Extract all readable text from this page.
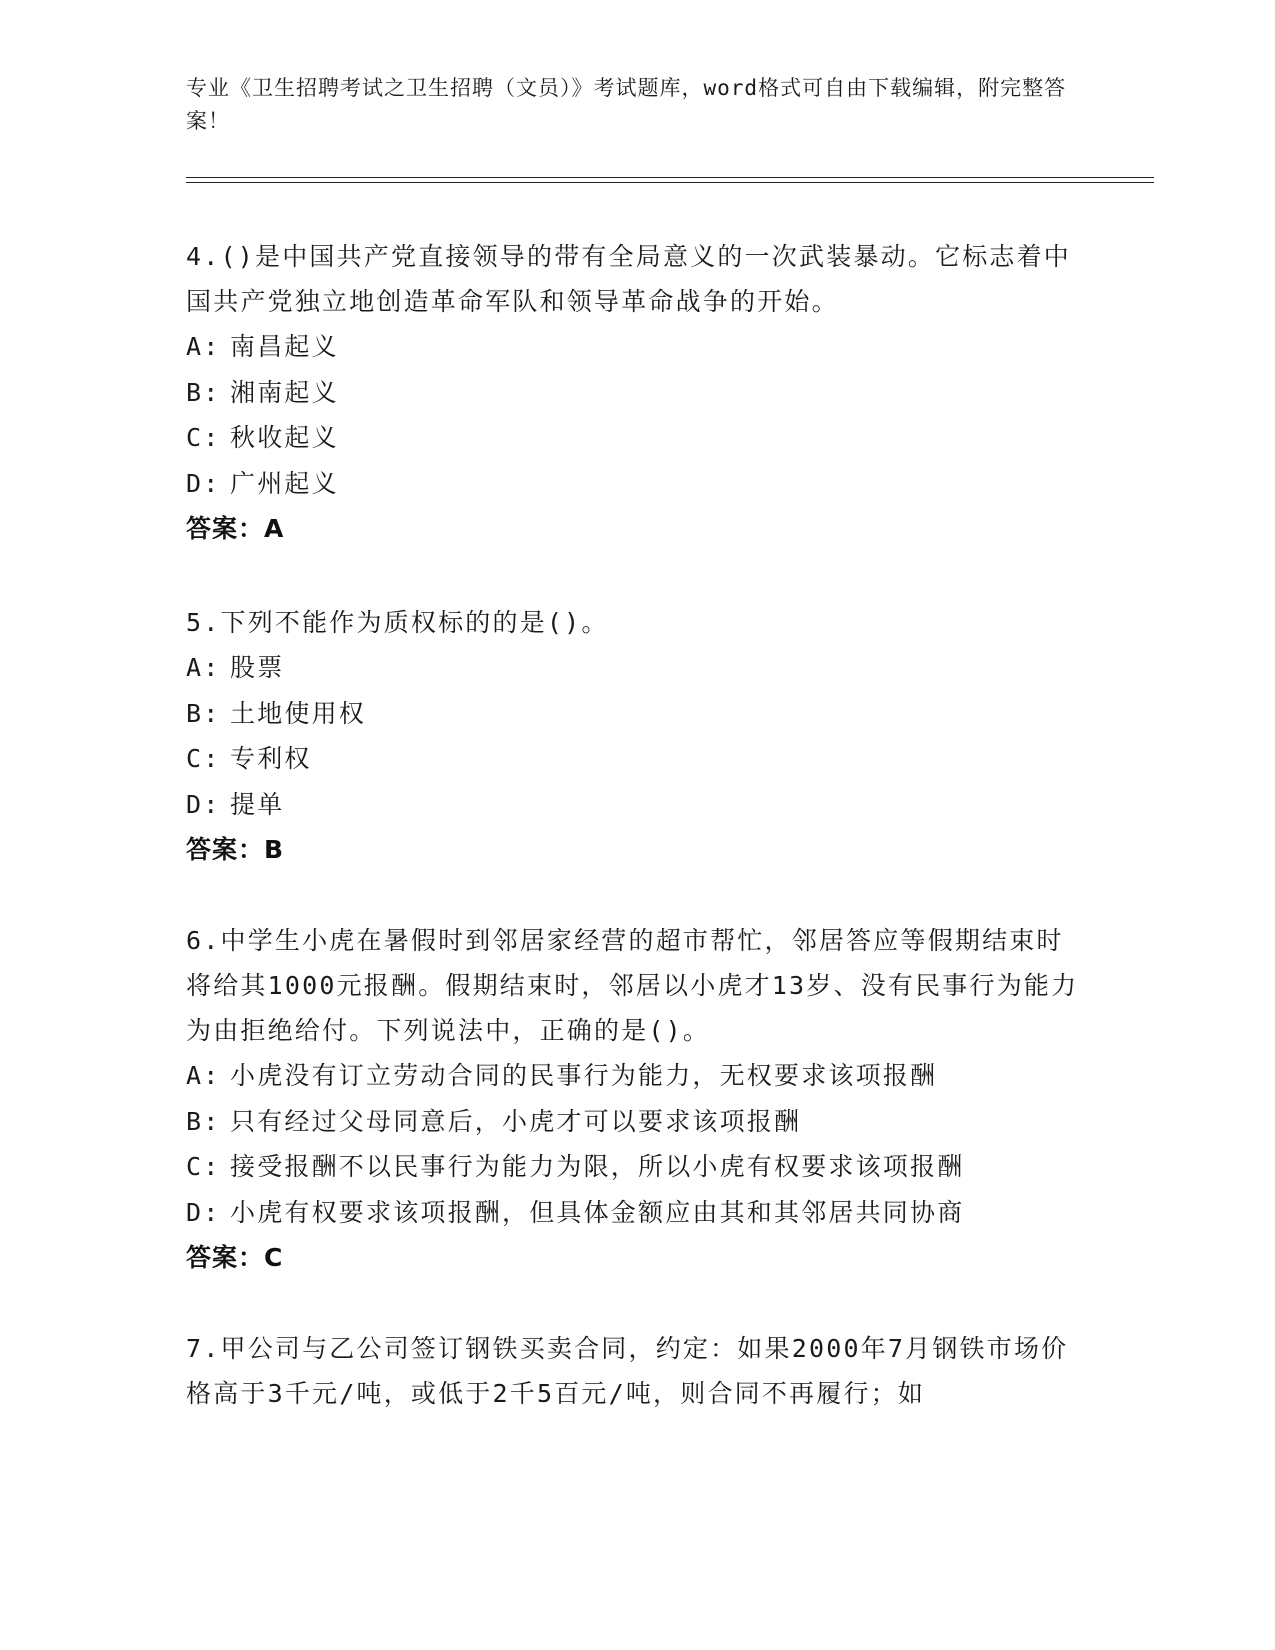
专业《卫生招聘考试之卫生招聘（文员）》考试题库，word格式可自由下载编辑，附完整答案！
4.()是中国共产党直接领导的带有全局意义的一次武装暴动。它标志着中国共产党独立地创造革命军队和领导革命战争的开始。
A: 南昌起义
B: 湘南起义
C: 秋收起义
D: 广州起义
答案：A
5.下列不能作为质权标的的是()。
A: 股票
B: 土地使用权
C: 专利权
D: 提单
答案：B
6.中学生小虎在暑假时到邻居家经营的超市帮忙，邻居答应等假期结束时将给其1000元报酬。假期结束时，邻居以小虎才13岁、没有民事行为能力为由拒绝给付。下列说法中，正确的是()。
A: 小虎没有订立劳动合同的民事行为能力，无权要求该项报酬
B: 只有经过父母同意后，小虎才可以要求该项报酬
C: 接受报酬不以民事行为能力为限，所以小虎有权要求该项报酬
D: 小虎有权要求该项报酬，但具体金额应由其和其邻居共同协商
答案：C
7.甲公司与乙公司签订钢铁买卖合同，约定：如果2000年7月钢铁市场价格高于3千元/吨，或低于2千5百元/吨，则合同不再履行；如
